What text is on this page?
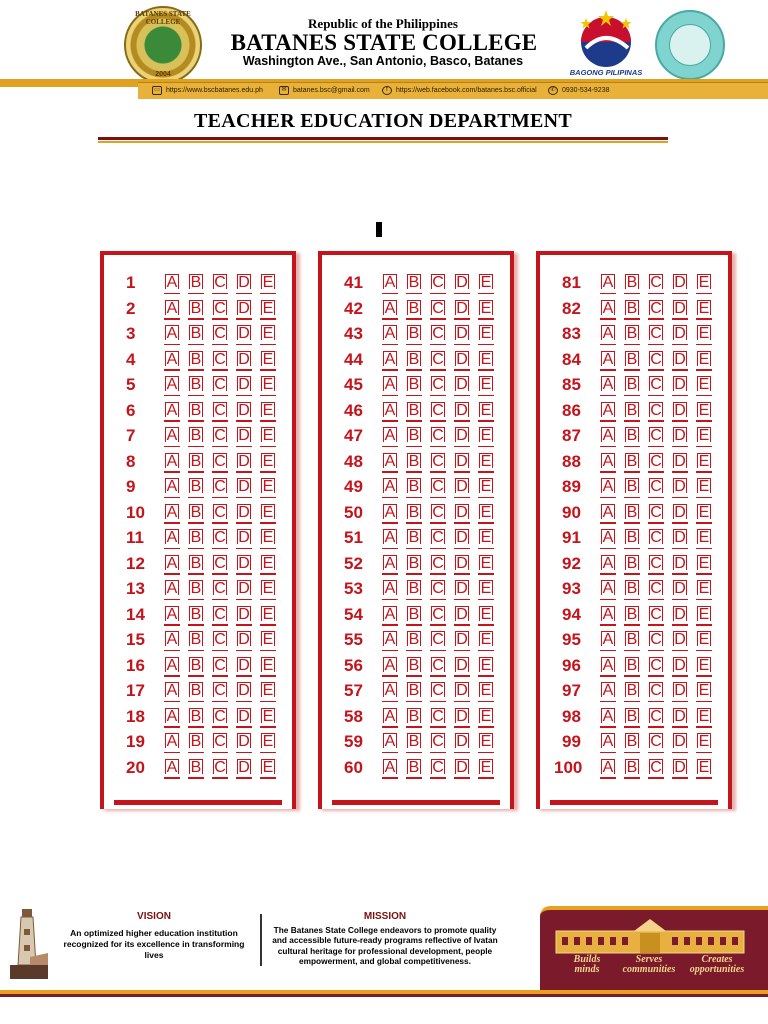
BATANES STATE COLLEGE
2004
Republic of the Philippines
BATANES STATE COLLEGE
Washington Ave., San Antonio, Basco, Batanes
BAGONG PILIPINAS
▭ https://www.bscbatanes.edu.ph	✉ batanes.bsc@gmail.com	f	https://web.facebook.com/batanes.bsc.official	✆ 0930-534-9238
TEACHER EDUCATION DEPARTMENT
1 A B C D E
2 A B C D E
3 A B C D E
4 A B C D E
5 A B C D E
6 A B C D E
7 A B C D E
8 A B C D E
9 A B C D E
10 A B C D E
11 A B C D E
12 A B C D E
13 A B C D E
14 A B C D E
15 A B C D E
16 A B C D E
17 A B C D E
18 A B C D E
19 A B C D E
20 A B C D E
41 A B C D E
42 A B C D E
43 A B C D E
44 A B C D E
45 A B C D E
46 A B C D E
47 A B C D E
48 A B C D E
49 A B C D E
50 A B C D E
51 A B C D E
52 A B C D E
53 A B C D E
54 A B C D E
55 A B C D E
56 A B C D E
57 A B C D E
58 A B C D E
59 A B C D E
60 A B C D E
81 A B C D E
82 A B C D E
83 A B C D E
84 A B C D E
85 A B C D E
86 A B C D E
87 A B C D E
88 A B C D E
89 A B C D E
90 A B C D E
91 A B C D E
92 A B C D E
93 A B C D E
94 A B C D E
95 A B C D E
96 A B C D E
97 A B C D E
98 A B C D E
99 A B C D E
100 A B C D E
VISION
An optimized higher education institution recognized for its excellence in transforming lives
MISSION
The Batanes State College endeavors to promote quality and accessible future-ready programs reflective of Ivatan cultural heritage for professional development, people empowerment, and global competitiveness.	Builds
minds
Serves
communities
Creates
opportunities
